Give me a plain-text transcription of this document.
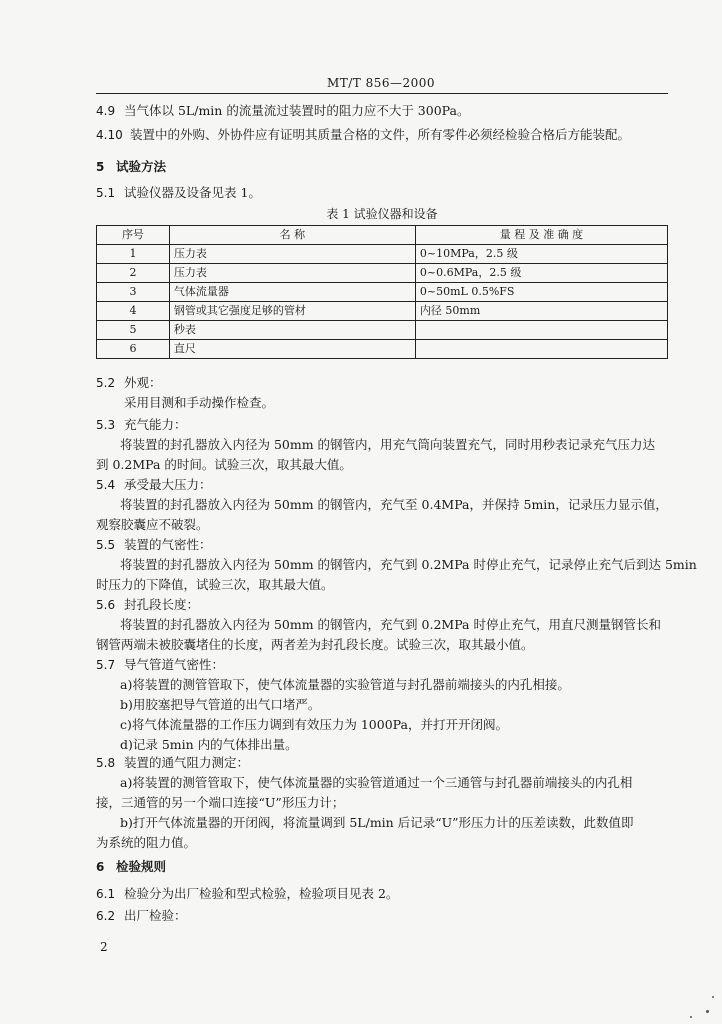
MT/T 856—2000
4.9 当气体以 5L/min 的流量流过装置时的阻力应不大于 300Pa。
4.10 装置中的外购、外协件应有证明其质量合格的文件，所有零件必须经检验合格后方能装配。
5 试验方法
5.1 试验仪器及设备见表 1。
表 1 试验仪器和设备
序号	名 称	量 程 及 准 确 度
1	压力表	0~10MPa，2.5 级
2	压力表	0~0.6MPa，2.5 级
3	气体流量器	0~50mL 0.5%FS
4	钢管或其它强度足够的管材	内径 50mm
5	秒表	
6	直尺	
5.2 外观：
采用目测和手动操作检查。
5.3 充气能力：
将装置的封孔器放入内径为 50mm 的钢管内，用充气筒向装置充气，同时用秒表记录充气压力达
到 0.2MPa 的时间。试验三次，取其最大值。
5.4 承受最大压力：
将装置的封孔器放入内径为 50mm 的钢管内，充气至 0.4MPa，并保持 5min，记录压力显示值，
观察胶囊应不破裂。
5.5 装置的气密性：
将装置的封孔器放入内径为 50mm 的钢管内，充气到 0.2MPa 时停止充气，记录停止充气后到达 5min
时压力的下降值，试验三次，取其最大值。
5.6 封孔段长度：
将装置的封孔器放入内径为 50mm 的钢管内，充气到 0.2MPa 时停止充气，用直尺测量钢管长和
钢管两端未被胶囊堵住的长度，两者差为封孔段长度。试验三次，取其最小值。
5.7 导气管道气密性：
a)将装置的测管管取下，使气体流量器的实验管道与封孔器前端接头的内孔相接。
b)用胶塞把导气管道的出气口堵严。
c)将气体流量器的工作压力调到有效压力为 1000Pa，并打开开闭阀。
d)记录 5min 内的气体排出量。
5.8 装置的通气阻力测定：
a)将装置的测管管取下，使气体流量器的实验管道通过一个三通管与封孔器前端接头的内孔相
接，三通管的另一个端口连接“U”形压力计；
b)打开气体流量器的开闭阀，将流量调到 5L/min 后记录“U”形压力计的压差读数，此数值即
为系统的阻力值。
6 检验规则
6.1 检验分为出厂检验和型式检验，检验项目见表 2。
6.2 出厂检验：
2
